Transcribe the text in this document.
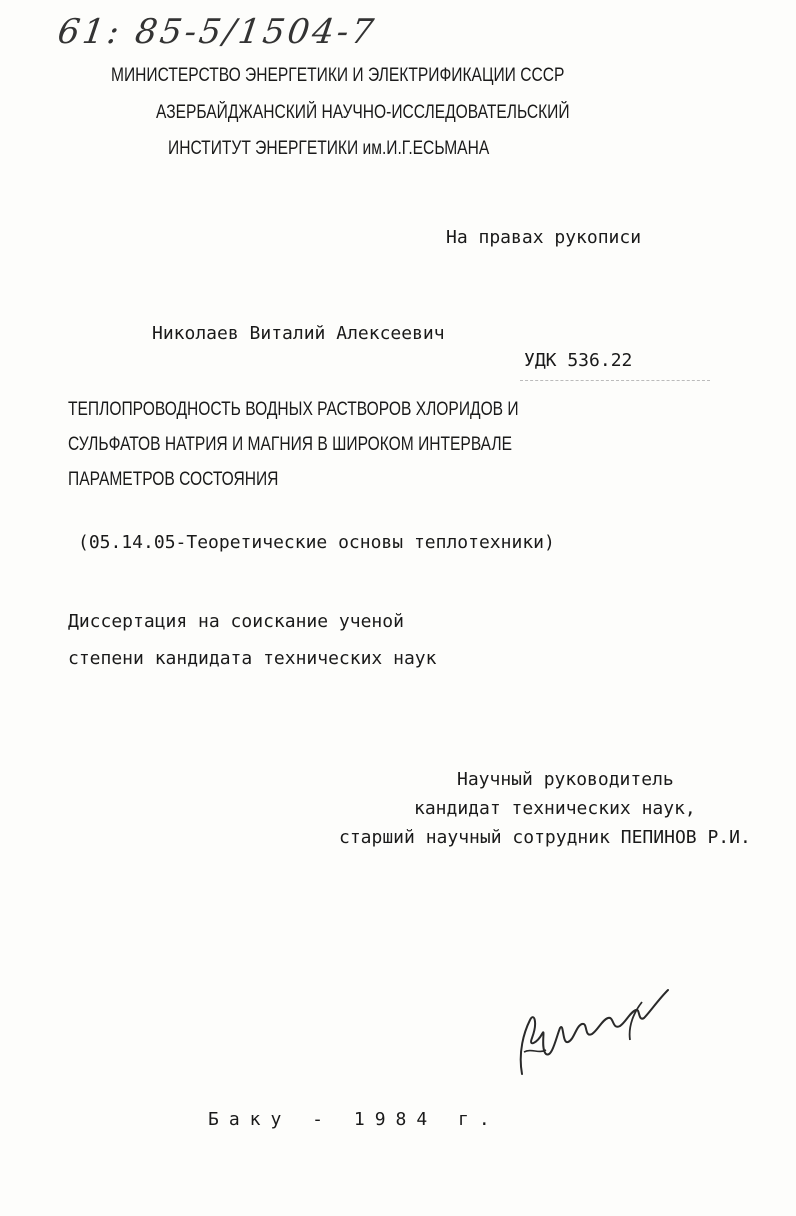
61: 85-5/1504-7
МИНИСТЕРСТВО ЭНЕРГЕТИКИ И ЭЛЕКТРИФИКАЦИИ СССР
АЗЕРБАЙДЖАНСКИЙ НАУЧНО-ИССЛЕДОВАТЕЛЬСКИЙ
ИНСТИТУТ ЭНЕРГЕТИКИ им.И.Г.ЕСЬМАНА
На правах рукописи
Николаев Виталий Алексеевич
УДК 536.22
ТЕПЛОПРОВОДНОСТЬ ВОДНЫХ РАСТВОРОВ ХЛОРИДОВ И
СУЛЬФАТОВ НАТРИЯ И МАГНИЯ В ШИРОКОМ ИНТЕРВАЛЕ
ПАРАМЕТРОВ СОСТОЯНИЯ
(05.14.05-Теоретические основы теплотехники)
Диссертация на соискание ученой
степени кандидата технических наук
Научный руководитель
кандидат технических наук,
старший научный сотрудник ПЕПИНОВ Р.И.
Баку - 1984 г.
